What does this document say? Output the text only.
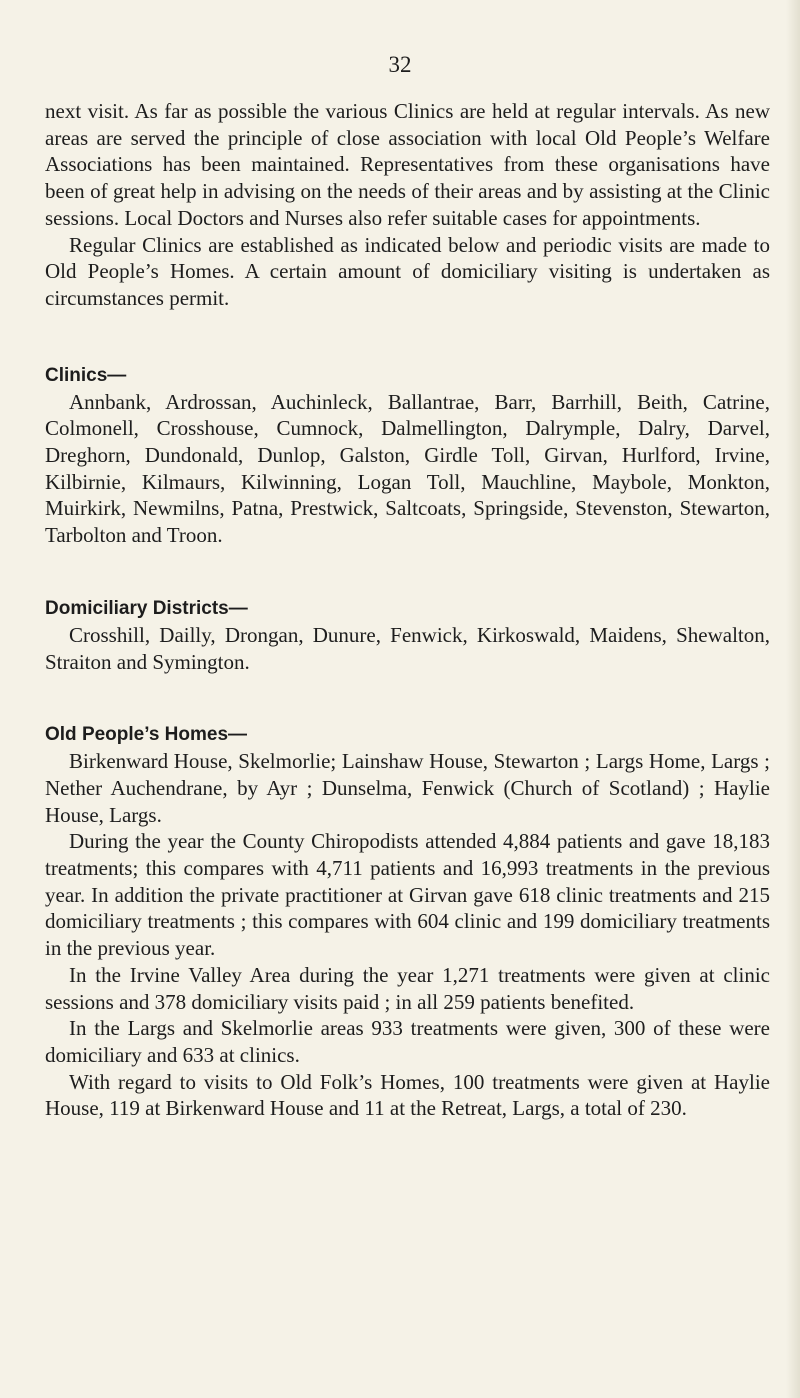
32

next visit. As far as possible the various Clinics are held at regular intervals. As new areas are served the principle of close association with local Old People’s Welfare Associations has been maintained. Representatives from these organisations have been of great help in advising on the needs of their areas and by assisting at the Clinic sessions. Local Doctors and Nurses also refer suitable cases for appointments.

Regular Clinics are established as indicated below and periodic visits are made to Old People’s Homes. A certain amount of domiciliary visiting is undertaken as circumstances permit.

Clinics—

Annbank, Ardrossan, Auchinleck, Ballantrae, Barr, Barrhill, Beith, Catrine, Colmonell, Crosshouse, Cumnock, Dalmellington, Dalrymple, Dalry, Darvel, Dreghorn, Dundonald, Dunlop, Galston, Girdle Toll, Girvan, Hurlford, Irvine, Kilbirnie, Kilmaurs, Kilwinning, Logan Toll, Mauchline, Maybole, Monkton, Muirkirk, Newmilns, Patna, Prestwick, Saltcoats, Springside, Stevenston, Stewarton, Tarbolton and Troon.

Domiciliary Districts—

Crosshill, Dailly, Drongan, Dunure, Fenwick, Kirkoswald, Maidens, Shewalton, Straiton and Symington.

Old People’s Homes—

Birkenward House, Skelmorlie; Lainshaw House, Stewarton ; Largs Home, Largs ; Nether Auchendrane, by Ayr ; Dunselma, Fenwick (Church of Scotland) ; Haylie House, Largs.

During the year the County Chiropodists attended 4,884 patients and gave 18,183 treatments; this compares with 4,711 patients and 16,993 treatments in the previous year. In addition the private practitioner at Girvan gave 618 clinic treatments and 215 domiciliary treatments ; this compares with 604 clinic and 199 domiciliary treatments in the previous year.

In the Irvine Valley Area during the year 1,271 treatments were given at clinic sessions and 378 domiciliary visits paid ; in all 259 patients benefited.

In the Largs and Skelmorlie areas 933 treatments were given, 300 of these were domiciliary and 633 at clinics.

With regard to visits to Old Folk’s Homes, 100 treatments were given at Haylie House, 119 at Birkenward House and 11 at the Retreat, Largs, a total of 230.
